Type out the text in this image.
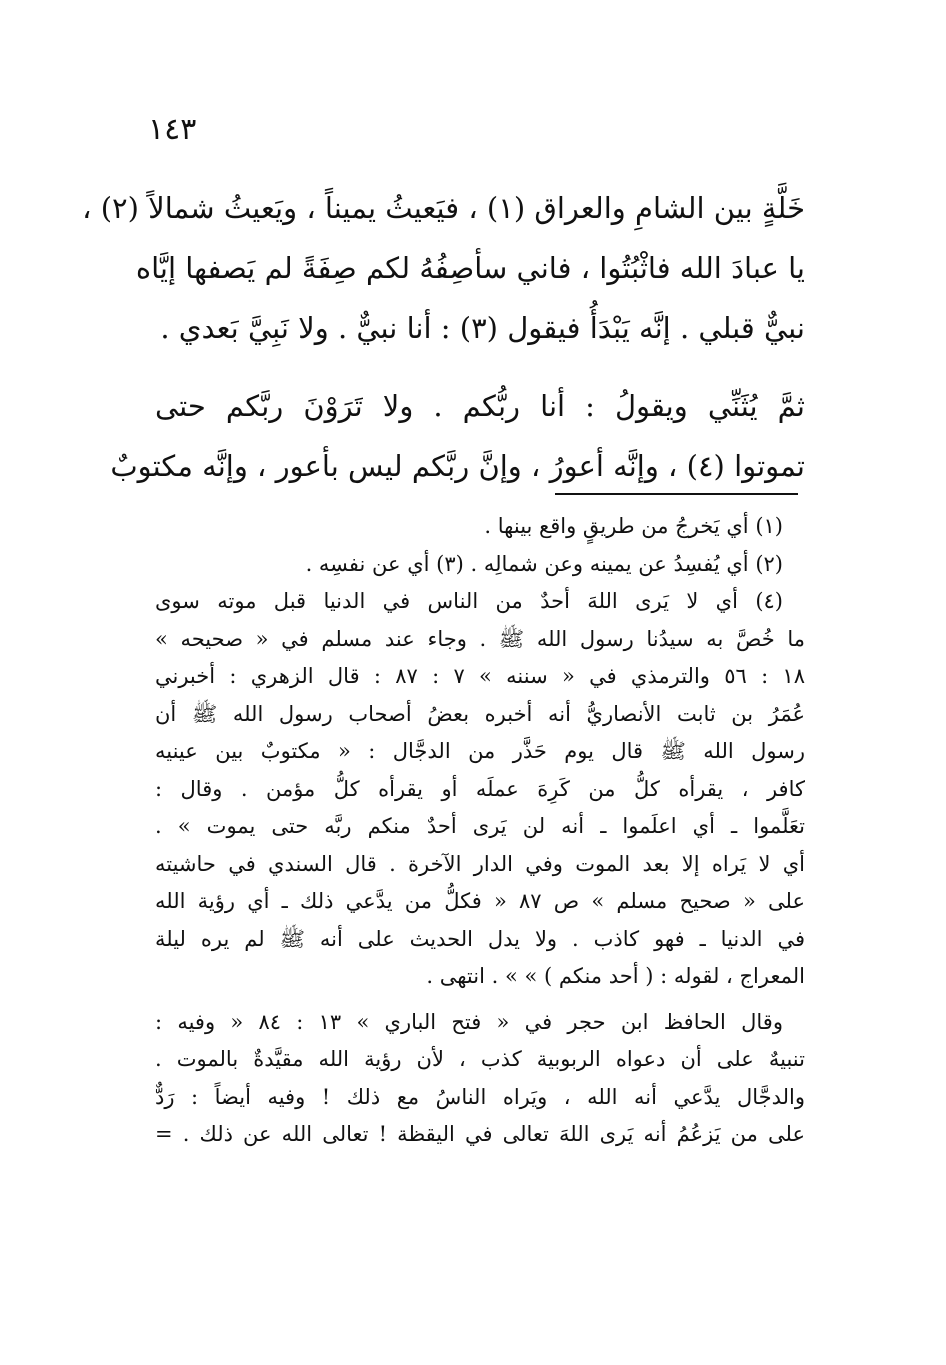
١٤٣
خَلَّةٍ بين الشامِ والعراق (١) ، فيَعيثُ يميناً ، ويَعيثُ شمالاً (٢) ،
يا عبادَ الله فاثْبُتُوا ، فاني سأصِفُهُ لكم صِفَةً لم يَصفها إيَّاه
نبيٌّ قبلي . إنَّه يَبْدَأُ فيقول (٣) : أنا نبيٌّ . ولا نَبِيَّ بَعدي .
ثمَّ يُثَنِّي ويقولُ : أنا ربُّكم . ولا تَرَوْنَ ربَّكم حتى
تموتوا (٤) ، وإنَّه أعورُ ، وإنَّ ربَّكم ليس بأعور ، وإنَّه مكتوبٌ
(١) أي يَخرجُ من طريقٍ واقع بينها .
(٢) أي يُفسِدُ عن يمينه وعن شمالِه . (٣) أي عن نفسِه .
(٤) أي لا يَرى اللهَ أحدٌ من الناس في الدنيا قبل موته سوى
ما خُصَّ به سيدُنا رسول الله ﷺ . وجاء عند مسلم في « صحيحه »
١٨ : ٥٦ والترمذي في « سننه » ٧ : ٨٧ : قال الزهري : أخبرني
عُمَرُ بن ثابت الأنصاريُّ أنه أخبره بعضُ أصحاب رسول الله ﷺ أن
رسول الله ﷺ قال يوم حَذَّر من الدجَّال : « مكتوبٌ بين عينيه
كافر ، يقرأه كلُّ من كَرِهَ عملَه أو يقرأه كلُّ مؤمن . وقال :
تعَلَّموا ـ أي اعلَموا ـ أنه لن يَرى أحدٌ منكم ربَّه حتى يموت » .
أي لا يَراه إلا بعد الموت وفي الدار الآخرة . قال السندي في حاشيته
على « صحيح مسلم » ص ٨٧ « فكلُّ من يدَّعي ذلك ـ أي رؤية الله
في الدنيا ـ فهو كاذب . ولا يدل الحديث على أنه ﷺ لم يره ليلة
المعراج ، لقوله : ( أحد منكم ) » » . انتهى .
وقال الحافظ ابن حجر في « فتح الباري » ١٣ : ٨٤ « وفيه :
تنبيهٌ على أن دعواه الربوبية كذب ، لأن رؤية الله مقيَّدةٌ بالموت .
والدجَّال يدَّعي أنه الله ، ويَراه الناسُ مع ذلك ! وفيه أيضاً : رَدٌّ
على من يَزعُمُ أنه يَرى اللهَ تعالى في اليقظة ! تعالى الله عن ذلك . =
